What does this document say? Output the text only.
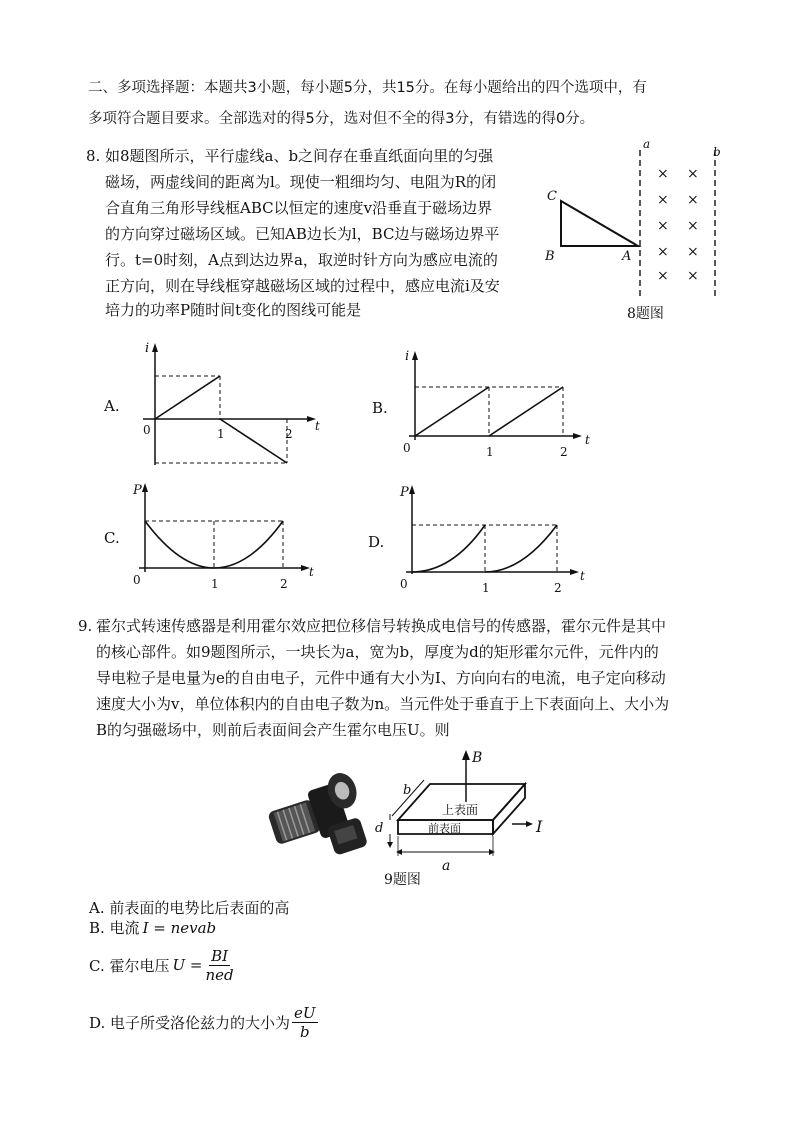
二、多项选择题：本题共3小题，每小题5分，共15分。在每小题给出的四个选项中，有
多项符合题目要求。全部选对的得5分，选对但不全的得3分，有错选的得0分。
8. 如8题图所示，平行虚线a、b之间存在垂直纸面向里的匀强
磁场，两虚线间的距离为l。现使一粗细均匀、电阻为R的闭
合直角三角形导线框ABC以恒定的速度v沿垂直于磁场边界
的方向穿过磁场区域。已知AB边长为l，BC边与磁场边界平
行。t=0时刻，A点到达边界a，取逆时针方向为感应电流的
正方向，则在导线框穿越磁场区域的过程中，感应电流i及安
培力的功率P随时间t变化的图线可能是
a
b
× ×
× ×
× ×
× ×
× ×
C
B	A
8题图
A.
i
t
0	1	2
B.
i
t
0	1	2
C.
P
t
0	1	2
D.
P
t
0	1	2
9. 霍尔式转速传感器是利用霍尔效应把位移信号转换成电信号的传感器，霍尔元件是其中
的核心部件。如9题图所示，一块长为a，宽为b，厚度为d的矩形霍尔元件，元件内的
导电粒子是电量为e的自由电子，元件中通有大小为I、方向向右的电流，电子定向移动
速度大小为v，单位体积内的自由电子数为n。当元件处于垂直于上下表面向上、大小为
B的匀强磁场中，则前后表面间会产生霍尔电压U。则
B
b
上表面
前表面
d
a
I
9题图
A. 前表面的电势比后表面的高
B. 电流 I = nevab
C. 霍尔电压 U =
BI
ned
D. 电子所受洛伦兹力的大小为 $\frac{eU}{b}$
